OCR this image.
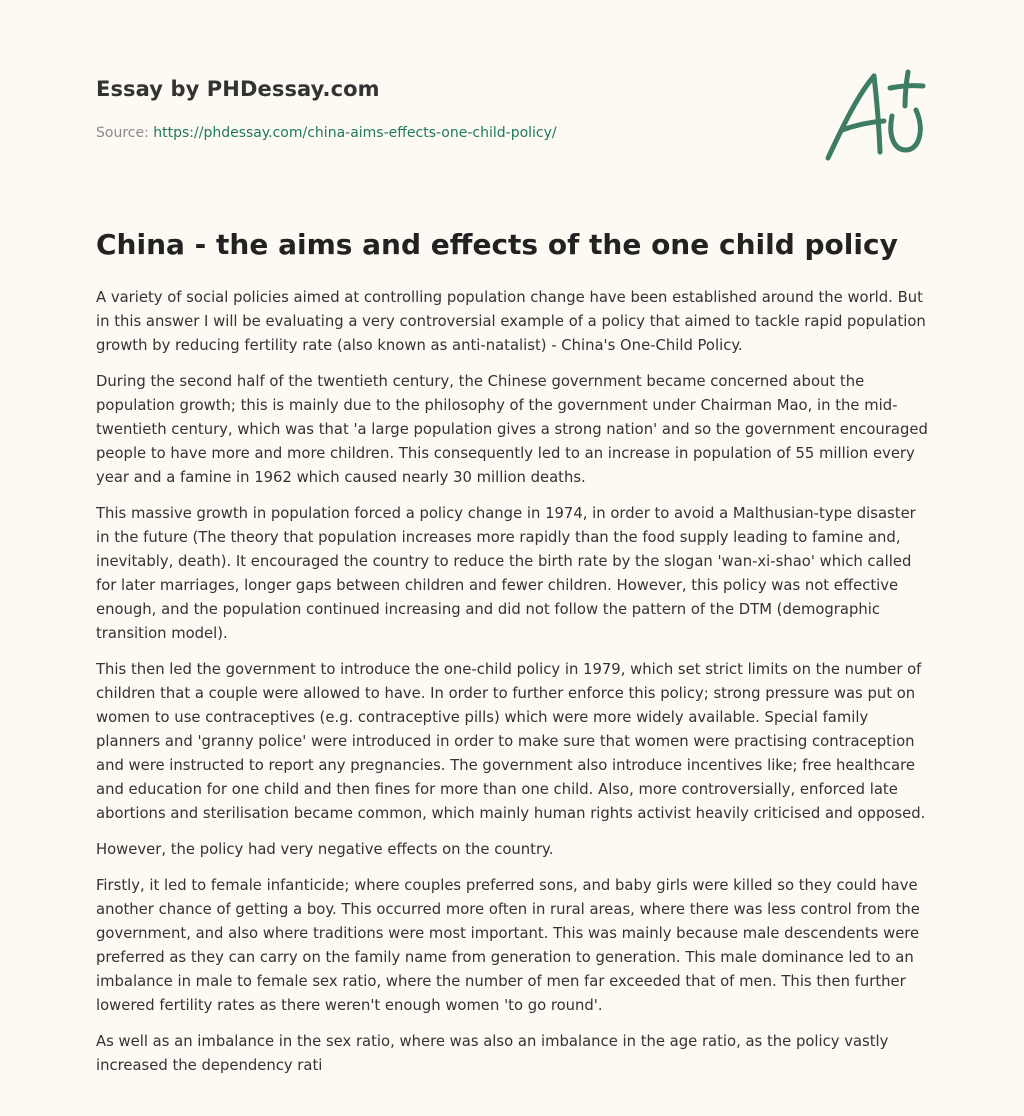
Essay by PHDessay.com
Source: https://phdessay.com/china-aims-effects-one-child-policy/
China - the aims and effects of the one child policy

A variety of social policies aimed at controlling population change have been established around the world. But in this answer I will be evaluating a very controversial example of a policy that aimed to tackle rapid population growth by reducing fertility rate (also known as anti-natalist) - China's One-Child Policy.

During the second half of the twentieth century, the Chinese government became concerned about the population growth; this is mainly due to the philosophy of the government under Chairman Mao, in the mid-twentieth century, which was that 'a large population gives a strong nation' and so the government encouraged people to have more and more children. This consequently led to an increase in population of 55 million every year and a famine in 1962 which caused nearly 30 million deaths.

This massive growth in population forced a policy change in 1974, in order to avoid a Malthusian-type disaster in the future (The theory that population increases more rapidly than the food supply leading to famine and, inevitably, death). It encouraged the country to reduce the birth rate by the slogan 'wan-xi-shao' which called for later marriages, longer gaps between children and fewer children. However, this policy was not effective enough, and the population continued increasing and did not follow the pattern of the DTM (demographic transition model).

This then led the government to introduce the one-child policy in 1979, which set strict limits on the number of children that a couple were allowed to have. In order to further enforce this policy; strong pressure was put on women to use contraceptives (e.g. contraceptive pills) which were more widely available. Special family planners and 'granny police' were introduced in order to make sure that women were practising contraception and were instructed to report any pregnancies. The government also introduce incentives like; free healthcare and education for one child and then fines for more than one child. Also, more controversially, enforced late abortions and sterilisation became common, which mainly human rights activist heavily criticised and opposed.

However, the policy had very negative effects on the country.

Firstly, it led to female infanticide; where couples preferred sons, and baby girls were killed so they could have another chance of getting a boy. This occurred more often in rural areas, where there was less control from the government, and also where traditions were most important. This was mainly because male descendents were preferred as they can carry on the family name from generation to generation. This male dominance led to an imbalance in male to female sex ratio, where the number of men far exceeded that of men. This then further lowered fertility rates as there weren't enough women 'to go round'.

As well as an imbalance in the sex ratio, where was also an imbalance in the age ratio, as the policy vastly increased the dependency rati
